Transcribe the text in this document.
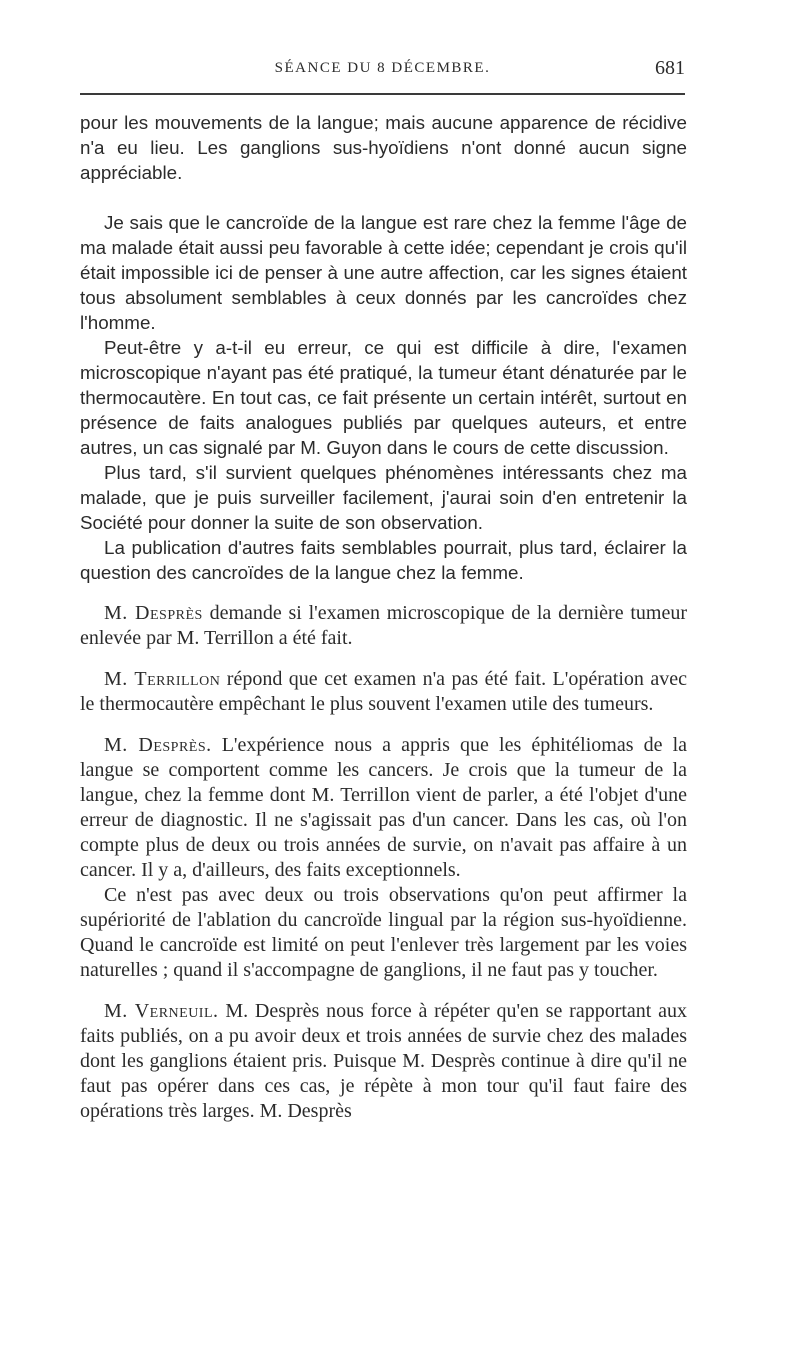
SÉANCE DU 8 DÉCEMBRE.	681

pour les mouvements de la langue; mais aucune apparence de récidive n'a eu lieu. Les ganglions sus-hyoïdiens n'ont donné aucun signe appréciable.

Je sais que le cancroïde de la langue est rare chez la femme l'âge de ma malade était aussi peu favorable à cette idée; cependant je crois qu'il était impossible ici de penser à une autre affection, car les signes étaient tous absolument semblables à ceux donnés par les cancroïdes chez l'homme.

Peut-être y a-t-il eu erreur, ce qui est difficile à dire, l'examen microscopique n'ayant pas été pratiqué, la tumeur étant dénaturée par le thermocautère. En tout cas, ce fait présente un certain intérêt, surtout en présence de faits analogues publiés par quelques auteurs, et entre autres, un cas signalé par M. Guyon dans le cours de cette discussion.

Plus tard, s'il survient quelques phénomènes intéressants chez ma malade, que je puis surveiller facilement, j'aurai soin d'en entretenir la Société pour donner la suite de son observation.

La publication d'autres faits semblables pourrait, plus tard, éclairer la question des cancroïdes de la langue chez la femme.

M. Desprès demande si l'examen microscopique de la dernière tumeur enlevée par M. Terrillon a été fait.

M. Terrillon répond que cet examen n'a pas été fait. L'opération avec le thermocautère empêchant le plus souvent l'examen utile des tumeurs.

M. Desprès. L'expérience nous a appris que les éphitéliomas de la langue se comportent comme les cancers. Je crois que la tumeur de la langue, chez la femme dont M. Terrillon vient de parler, a été l'objet d'une erreur de diagnostic. Il ne s'agissait pas d'un cancer. Dans les cas, où l'on compte plus de deux ou trois années de survie, on n'avait pas affaire à un cancer. Il y a, d'ailleurs, des faits exceptionnels.

Ce n'est pas avec deux ou trois observations qu'on peut affirmer la supériorité de l'ablation du cancroïde lingual par la région sus-hyoïdienne. Quand le cancroïde est limité on peut l'enlever très largement par les voies naturelles ; quand il s'accompagne de ganglions, il ne faut pas y toucher.

M. Verneuil. M. Desprès nous force à répéter qu'en se rapportant aux faits publiés, on a pu avoir deux et trois années de survie chez des malades dont les ganglions étaient pris. Puisque M. Desprès continue à dire qu'il ne faut pas opérer dans ces cas, je répète à mon tour qu'il faut faire des opérations très larges. M. Desprès
